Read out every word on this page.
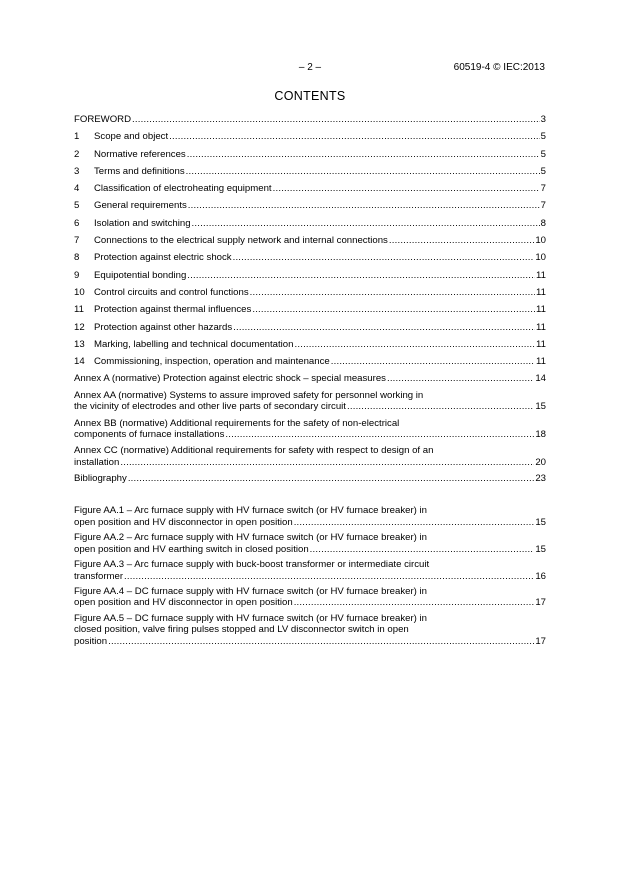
– 2 –	60519-4 © IEC:2013
CONTENTS
FOREWORD .....	3
1	Scope and object .....	5
2	Normative references .....	5
3	Terms and definitions .....	5
4	Classification of electroheating equipment .....	7
5	General requirements .....	7
6	Isolation and switching .....	8
7	Connections to the electrical supply network and internal connections .....	10
8	Protection against electric shock .....	10
9	Equipotential bonding .....	11
10 Control circuits and control functions .....	11
11	Protection against thermal influences .....	11
12 Protection against other hazards .....	11
13 Marking, labelling and technical documentation .....	11
14 Commissioning, inspection, operation and maintenance .....	11
Annex A (normative) Protection against electric shock – special measures .....	14
Annex AA (normative) Systems to assure improved safety for personnel working in
the vicinity of electrodes and other live parts of secondary circuit .....	15
Annex BB (normative) Additional requirements for the safety of non-electrical
components of furnace installations .....	18
Annex CC (normative) Additional requirements for safety with respect to design of an
installation .....	20
Bibliography .....	23
Figure AA.1 – Arc furnace supply with HV furnace switch (or HV furnace breaker) in
open position and HV disconnector in open position .....	15
Figure AA.2 – Arc furnace supply with HV furnace switch (or HV furnace breaker) in
open position and HV earthing switch in closed position .....	15
Figure AA.3 – Arc furnace supply with buck-boost transformer or intermediate circuit
transformer .....	16
Figure AA.4 – DC furnace supply with HV furnace switch (or HV furnace breaker) in
open position and HV disconnector in open position .....	17
Figure AA.5 – DC furnace supply with HV furnace switch (or HV furnace breaker) in
closed position, valve firing pulses stopped and LV disconnector switch in open
position .....	17
